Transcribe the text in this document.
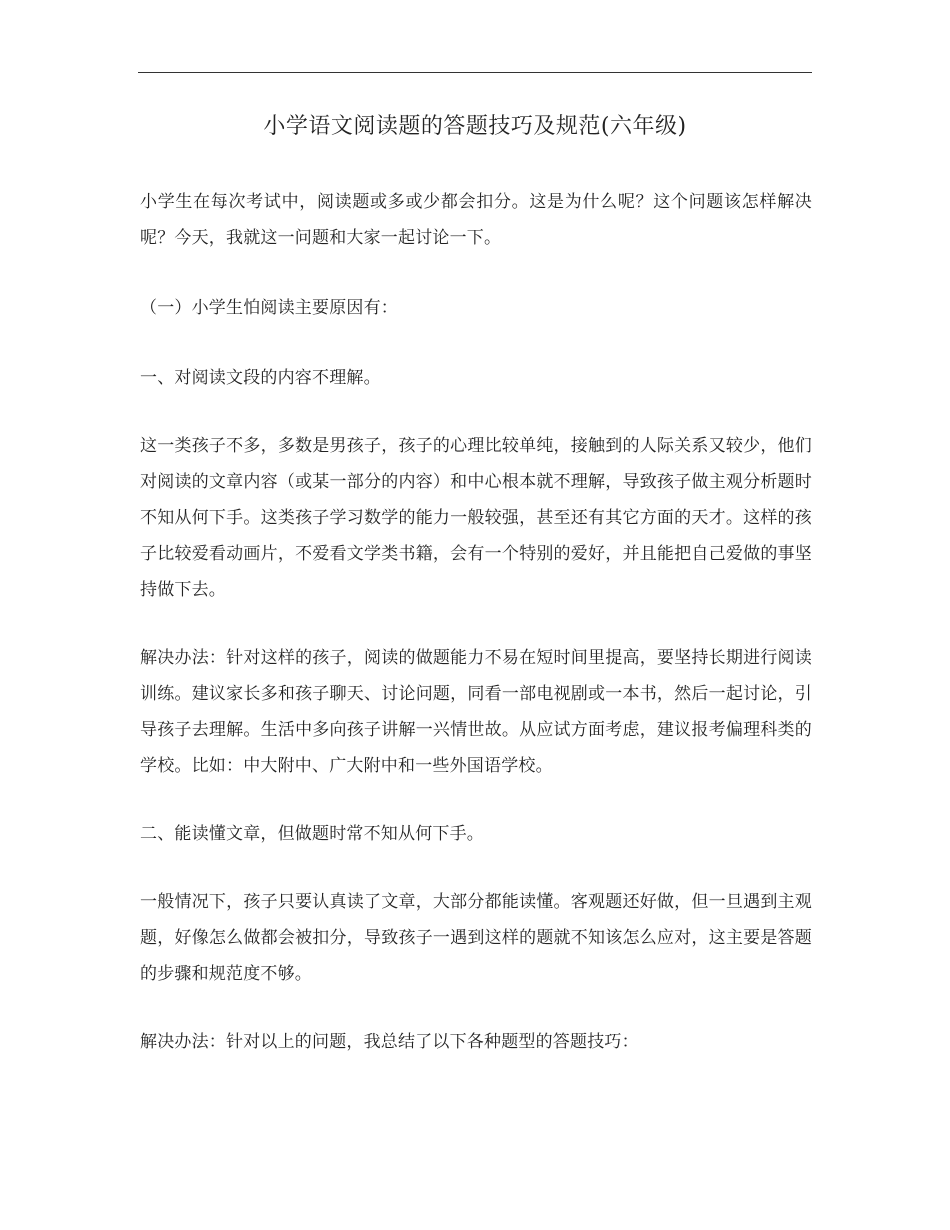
小学语文阅读题的答题技巧及规范(六年级)

小学生在每次考试中，阅读题或多或少都会扣分。这是为什么呢？这个问题该怎样解决呢？今天，我就这一问题和大家一起讨论一下。

（一）小学生怕阅读主要原因有：

一、对阅读文段的内容不理解。

这一类孩子不多，多数是男孩子，孩子的心理比较单纯，接触到的人际关系又较少，他们对阅读的文章内容（或某一部分的内容）和中心根本就不理解，导致孩子做主观分析题时不知从何下手。这类孩子学习数学的能力一般较强，甚至还有其它方面的天才。这样的孩子比较爱看动画片，不爱看文学类书籍，会有一个特别的爱好，并且能把自己爱做的事坚持做下去。

解决办法：针对这样的孩子，阅读的做题能力不易在短时间里提高，要坚持长期进行阅读训练。建议家长多和孩子聊天、讨论问题，同看一部电视剧或一本书，然后一起讨论，引导孩子去理解。生活中多向孩子讲解一兴情世故。从应试方面考虑，建议报考偏理科类的学校。比如：中大附中、广大附中和一些外国语学校。

二、能读懂文章，但做题时常不知从何下手。

一般情况下，孩子只要认真读了文章，大部分都能读懂。客观题还好做，但一旦遇到主观题，好像怎么做都会被扣分，导致孩子一遇到这样的题就不知该怎么应对，这主要是答题的步骤和规范度不够。

解决办法：针对以上的问题，我总结了以下各种题型的答题技巧：
